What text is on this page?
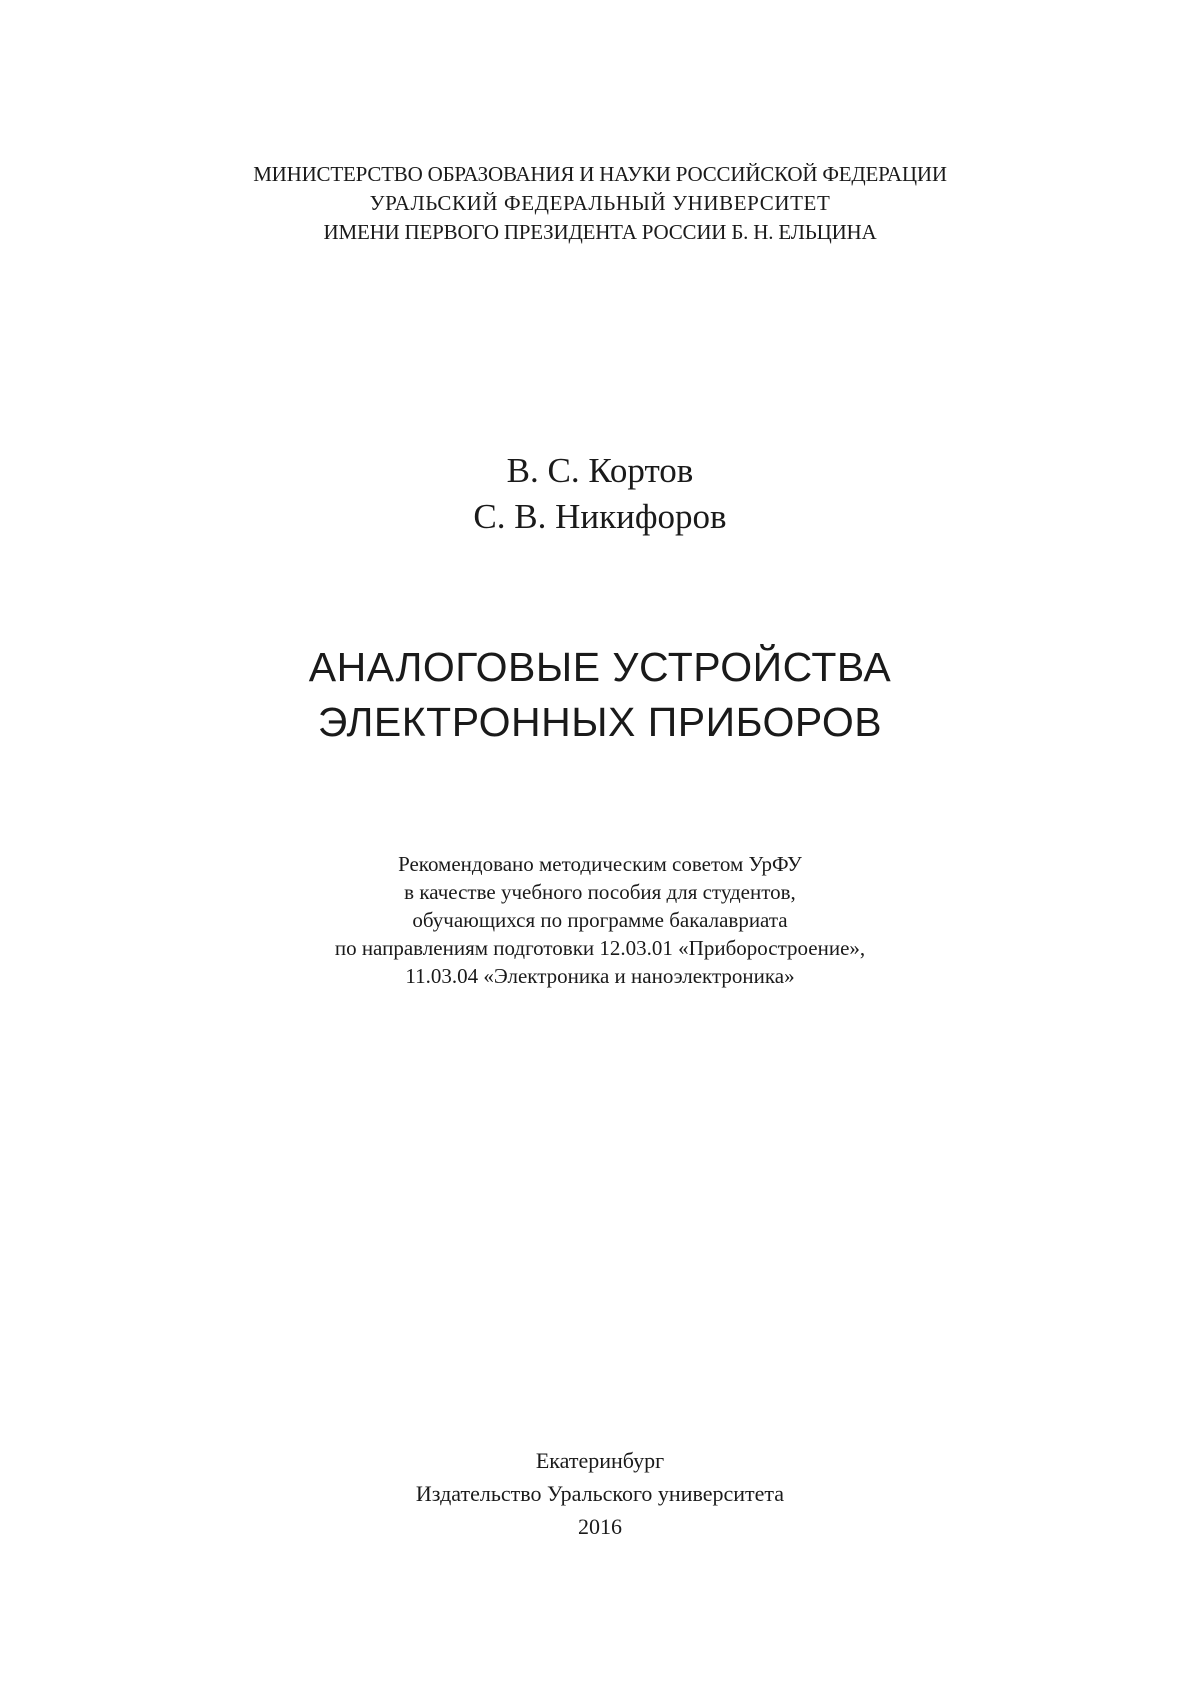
МИНИСТЕРСТВО ОБРАЗОВАНИЯ И НАУКИ РОССИЙСКОЙ ФЕДЕРАЦИИ
УРАЛЬСКИЙ ФЕДЕРАЛЬНЫЙ УНИВЕРСИТЕТ
ИМЕНИ ПЕРВОГО ПРЕЗИДЕНТА РОССИИ Б. Н. ЕЛЬЦИНА
В. С. Кортов
С. В. Никифоров
АНАЛОГОВЫЕ УСТРОЙСТВА
ЭЛЕКТРОННЫХ ПРИБОРОВ
Рекомендовано методическим советом УрФУ
в качестве учебного пособия для студентов,
обучающихся по программе бакалавриата
по направлениям подготовки 12.03.01 «Приборостроение»,
11.03.04 «Электроника и наноэлектроника»
Екатеринбург
Издательство Уральского университета
2016
